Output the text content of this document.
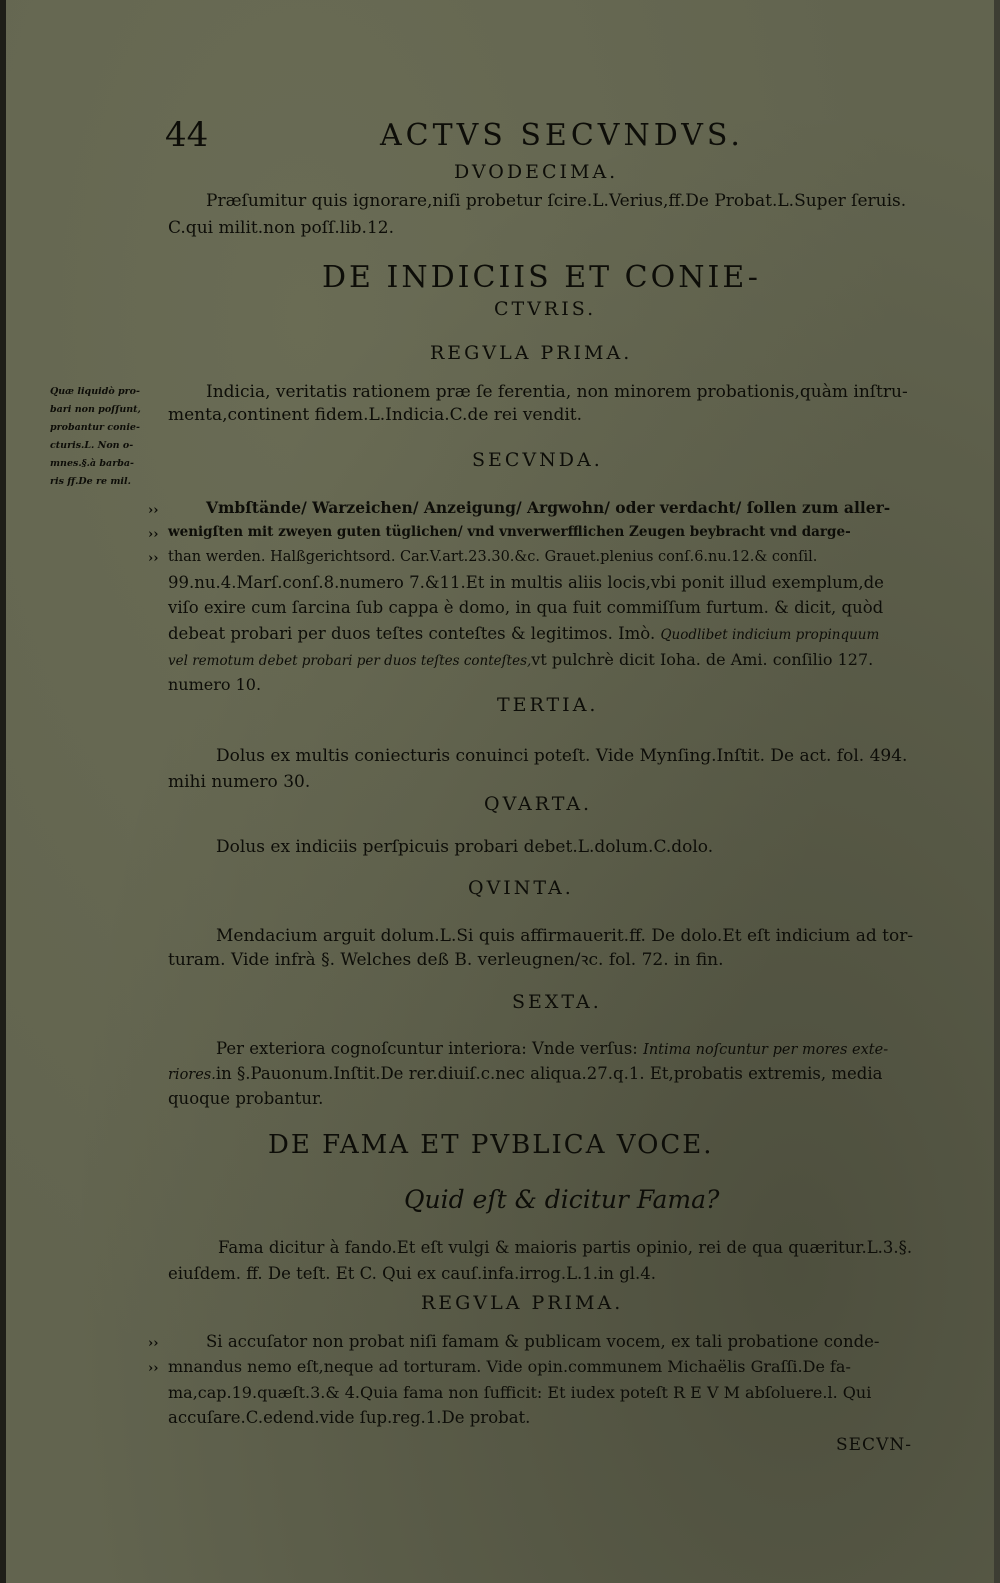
44	ACTVS SECVNDVS.
DVODECIMA.
Præſumitur quis ignorare,niſi probetur ſcire.L.Verius,ff.De Probat.L.Super ſeruis.
C.qui milit.non poſſ.lib.12.
DE INDICIIS ET CONIE-
CTVRIS.
REGVLA PRIMA.
Indicia, veritatis rationem præ ſe ferentia, non minorem probationis,quàm inſtru-
menta,continent fidem.L.Indicia.C.de rei vendit.
Quæ liquidò pro-
bari non poſſunt,
probantur conie-
cturis.L. Non o-
mnes.§.à barba-
ris ff.De re mil.
SECVNDA.
››
››
››
Vmbſtände/ Warzeichen/ Anzeigung/ Argwohn/ oder verdacht/ ſollen zum aller-
wenigſten mit zweyen guten tüglichen/ vnd vnverwerfflichen Zeugen beybracht vnd darge-
than werden. Halßgerichtsord. Car.V.art.23.30.&c. Grauet.plenius conſ.6.nu.12.& conſil.
99.nu.4.Marſ.conſ.8.numero 7.&11.Et in multis aliis locis,vbi ponit illud exemplum,de
viſo exire cum ſarcina ſub cappa è domo, in qua fuit commiſſum furtum. & dicit, quòd
debeat probari per duos teſtes conteſtes & legitimos. Imò. Quodlibet indicium propinquum
vel remotum debet probari per duos teſtes conteſtes,vt pulchrè dicit Ioha. de Ami. conſilio 127.
numero 10.
TERTIA.
Dolus ex multis coniecturis conuinci poteſt. Vide Mynſing.Inſtit. De act. fol. 494.
mihi numero 30.
QVARTA.
Dolus ex indiciis perſpicuis probari debet.L.dolum.C.dolo.
QVINTA.
Mendacium arguit dolum.L.Si quis affirmauerit.ff. De dolo.Et eſt indicium ad tor-
turam. Vide infrà §. Welches deß B. verleugnen/ꝛc. fol. 72. in fin.
SEXTA.
Per exteriora cognoſcuntur interiora: Vnde verſus: Intima noſcuntur per mores exte-
riores.in §.Pauonum.Inſtit.De rer.diuiſ.c.nec aliqua.27.q.1. Et,probatis extremis, media
quoque probantur.
DE FAMA ET PVBLICA VOCE.
Quid eſt & dicitur Fama?
Fama dicitur à fando.Et eſt vulgi & maioris partis opinio, rei de qua quæritur.L.3.§.
eiuſdem. ff. De teſt. Et C. Qui ex cauſ.infa.irrog.L.1.in gl.4.
REGVLA PRIMA.
››
››
Si accuſator non probat niſi famam & publicam vocem, ex tali probatione conde-
mnandus nemo eſt,neque ad torturam. Vide opin.communem Michaëlis Graſſi.De fa-
ma,cap.19.quæſt.3.& 4.Quia fama non ſufficit: Et iudex poteſt R E V M abſoluere.l. Qui
accuſare.C.edend.vide ſup.reg.1.De probat.
SECVN-
